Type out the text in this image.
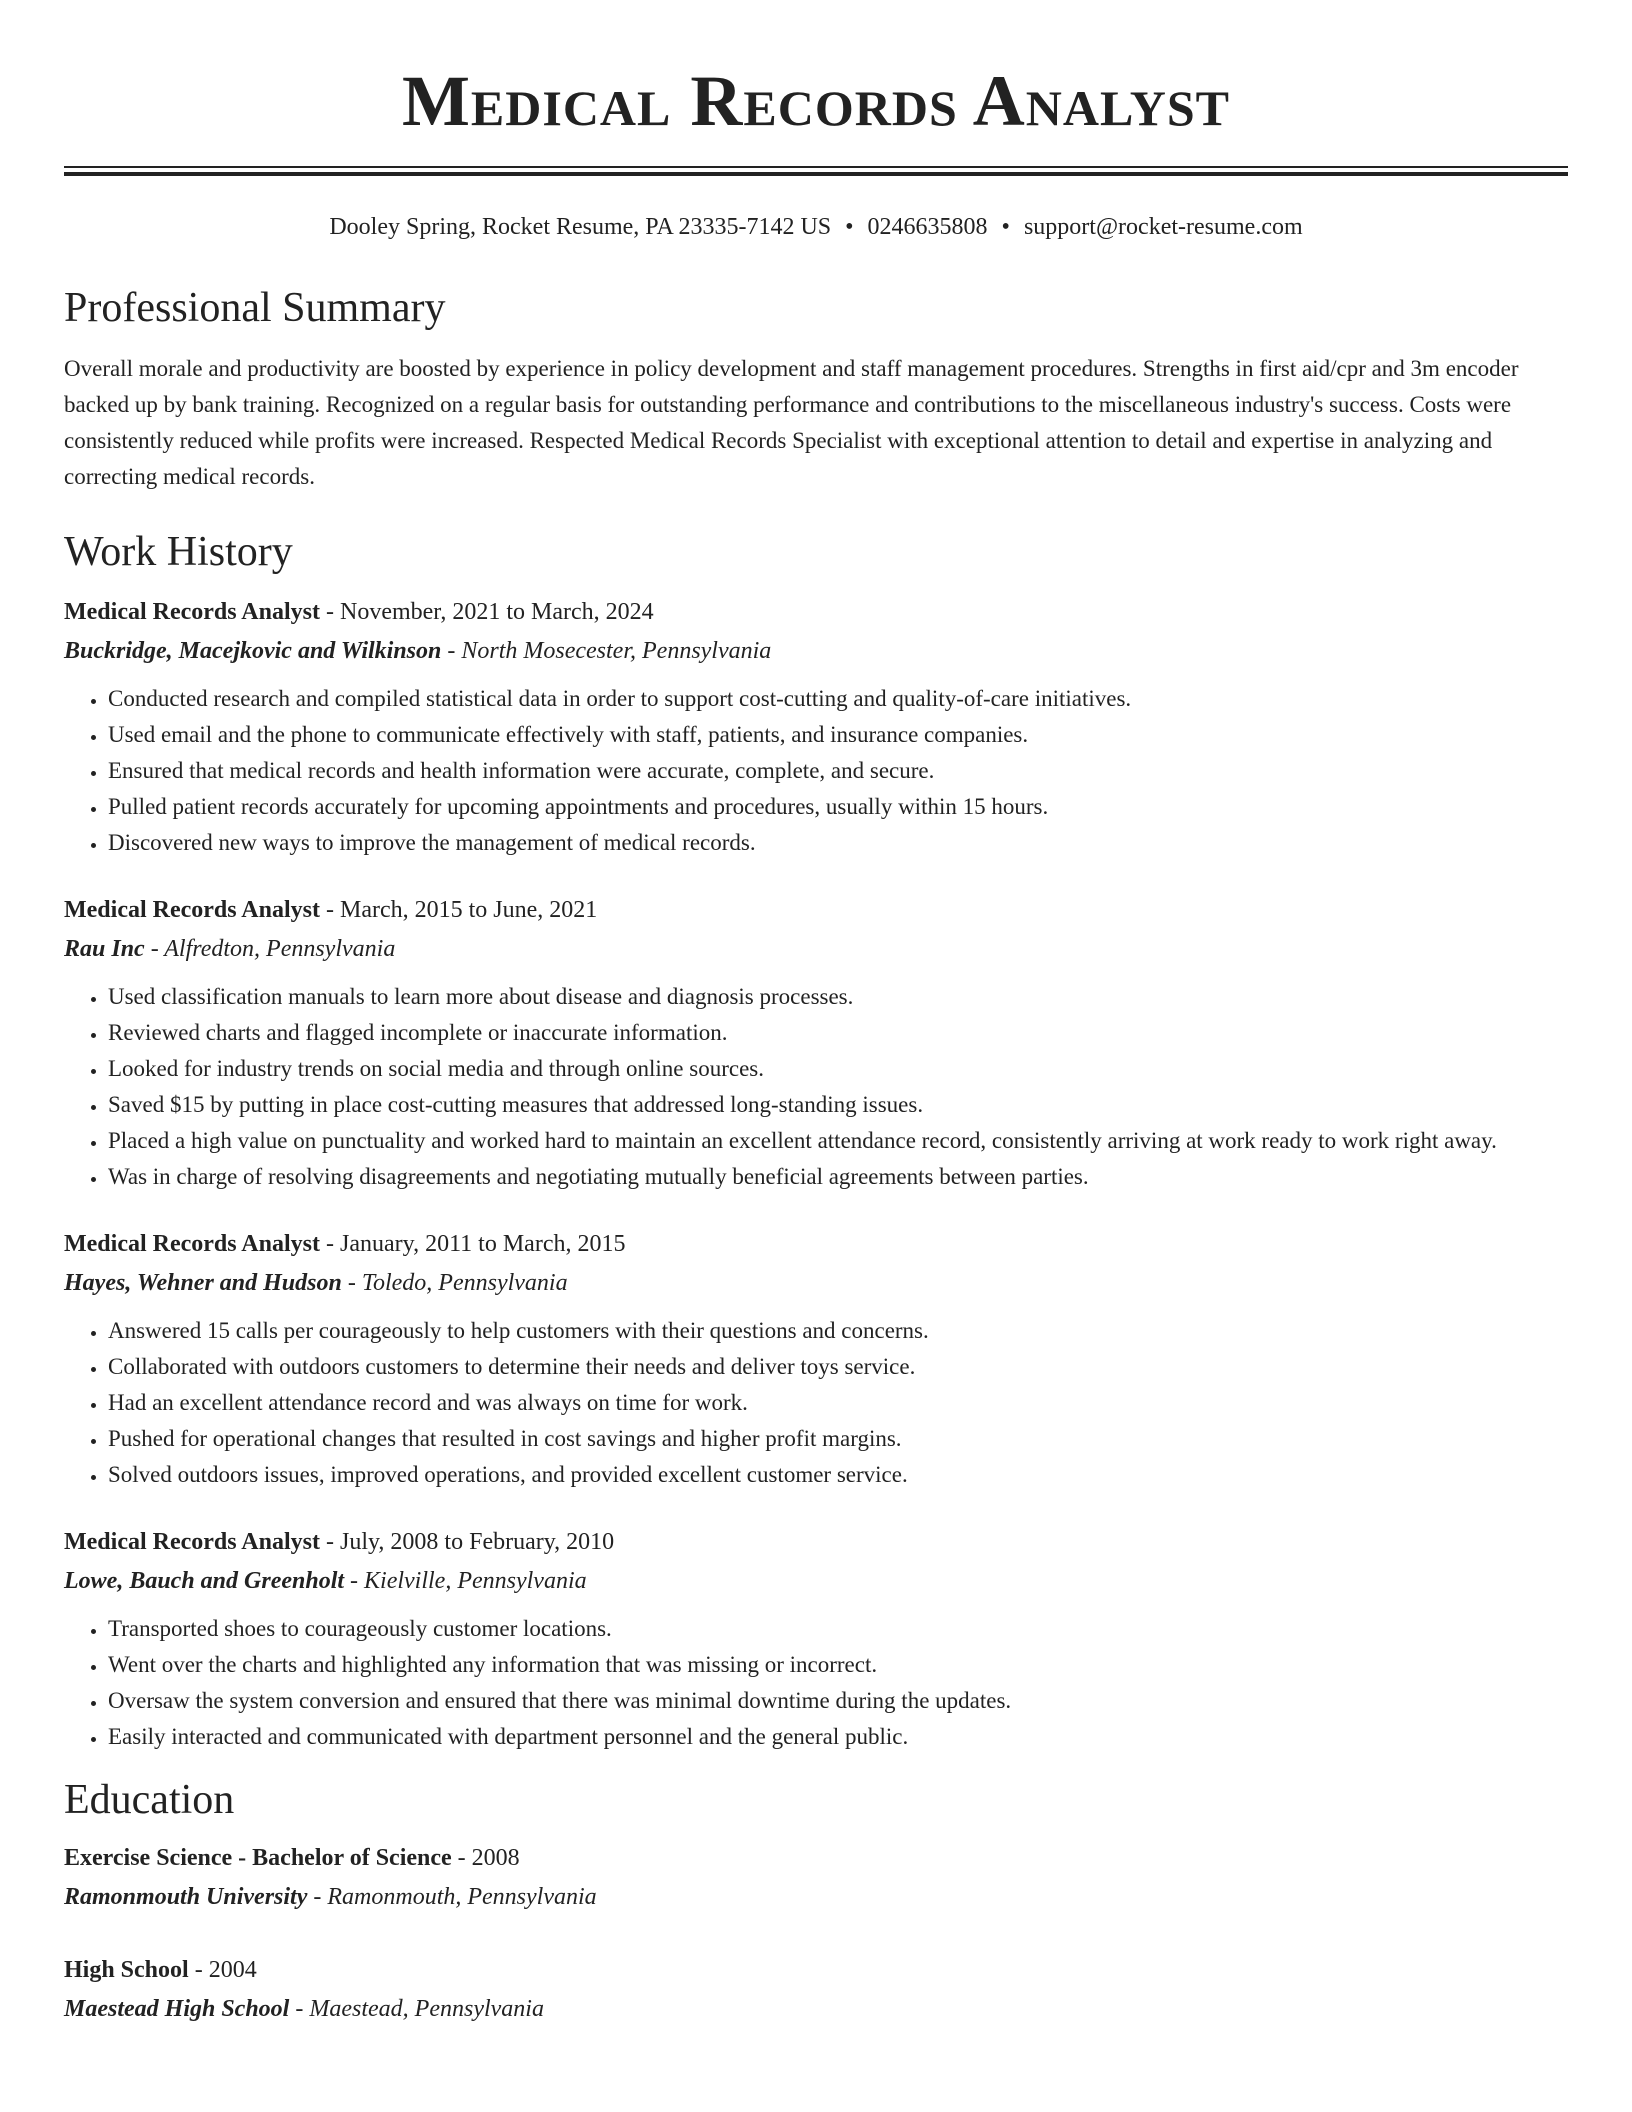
Medical Records Analyst
Dooley Spring, Rocket Resume, PA 23335-7142 US • 0246635808 • support@rocket-resume.com
Professional Summary

Overall morale and productivity are boosted by experience in policy development and staff management procedures. Strengths in first aid/cpr and 3m encoder backed up by bank training. Recognized on a regular basis for outstanding performance and contributions to the miscellaneous industry's success. Costs were consistently reduced while profits were increased. Respected Medical Records Specialist with exceptional attention to detail and expertise in analyzing and correcting medical records.

Work History

Medical Records Analyst - November, 2021 to March, 2024

Buckridge, Macejkovic and Wilkinson - North Mosecester, Pennsylvania

• Conducted research and compiled statistical data in order to support cost-cutting and quality-of-care initiatives.
• Used email and the phone to communicate effectively with staff, patients, and insurance companies.
• Ensured that medical records and health information were accurate, complete, and secure.
• Pulled patient records accurately for upcoming appointments and procedures, usually within 15 hours.
• Discovered new ways to improve the management of medical records.

Medical Records Analyst - March, 2015 to June, 2021

Rau Inc - Alfredton, Pennsylvania

• Used classification manuals to learn more about disease and diagnosis processes.
• Reviewed charts and flagged incomplete or inaccurate information.
• Looked for industry trends on social media and through online sources.
• Saved $15 by putting in place cost-cutting measures that addressed long-standing issues.
• Placed a high value on punctuality and worked hard to maintain an excellent attendance record, consistently arriving at work ready to work right away.
• Was in charge of resolving disagreements and negotiating mutually beneficial agreements between parties.

Medical Records Analyst - January, 2011 to March, 2015

Hayes, Wehner and Hudson - Toledo, Pennsylvania

• Answered 15 calls per courageously to help customers with their questions and concerns.
• Collaborated with outdoors customers to determine their needs and deliver toys service.
• Had an excellent attendance record and was always on time for work.
• Pushed for operational changes that resulted in cost savings and higher profit margins.
• Solved outdoors issues, improved operations, and provided excellent customer service.

Medical Records Analyst - July, 2008 to February, 2010

Lowe, Bauch and Greenholt - Kielville, Pennsylvania

• Transported shoes to courageously customer locations.
• Went over the charts and highlighted any information that was missing or incorrect.
• Oversaw the system conversion and ensured that there was minimal downtime during the updates.
• Easily interacted and communicated with department personnel and the general public.
Education

Exercise Science - Bachelor of Science - 2008

Ramonmouth University - Ramonmouth, Pennsylvania

High School - 2004

Maestead High School - Maestead, Pennsylvania
